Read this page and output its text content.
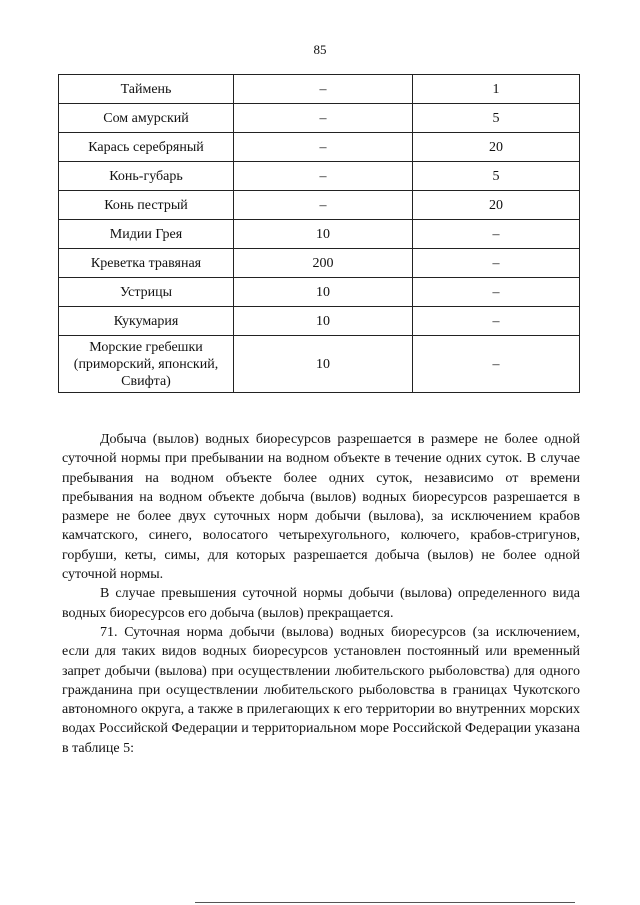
85
Таймень	–	1
Сом амурский	–	5
Карась серебряный	–	20
Конь-губарь	–	5
Конь пестрый	–	20
Мидии Грея	10	–
Креветка травяная	200	–
Устрицы	10	–
Кукумария	10	–
Морские гребешки (приморский, японский, Свифта)	10	–

Добыча (вылов) водных биоресурсов разрешается в размере не более одной суточной нормы при пребывании на водном объекте в течение одних суток. В случае пребывания на водном объекте более одних суток, независимо от времени пребывания на водном объекте добыча (вылов) водных биоресурсов разрешается в размере не более двух суточных норм добычи (вылова), за исключением крабов камчатского, синего, волосатого четырехугольного, колючего, крабов-стригунов, горбуши, кеты, симы, для которых разрешается добыча (вылов) не более одной суточной нормы.

В случае превышения суточной нормы добычи (вылова) определенного вида водных биоресурсов его добыча (вылов) прекращается.

71. Суточная норма добычи (вылова) водных биоресурсов (за исключением, если для таких видов водных биоресурсов установлен постоянный или временный запрет добычи (вылова) при осуществлении любительского рыболовства) для одного гражданина при осуществлении любительского рыболовства в границах Чукотского автономного округа, а также в прилегающих к его территории во внутренних морских водах Российской Федерации и территориальном море Российской Федерации указана в таблице 5:
